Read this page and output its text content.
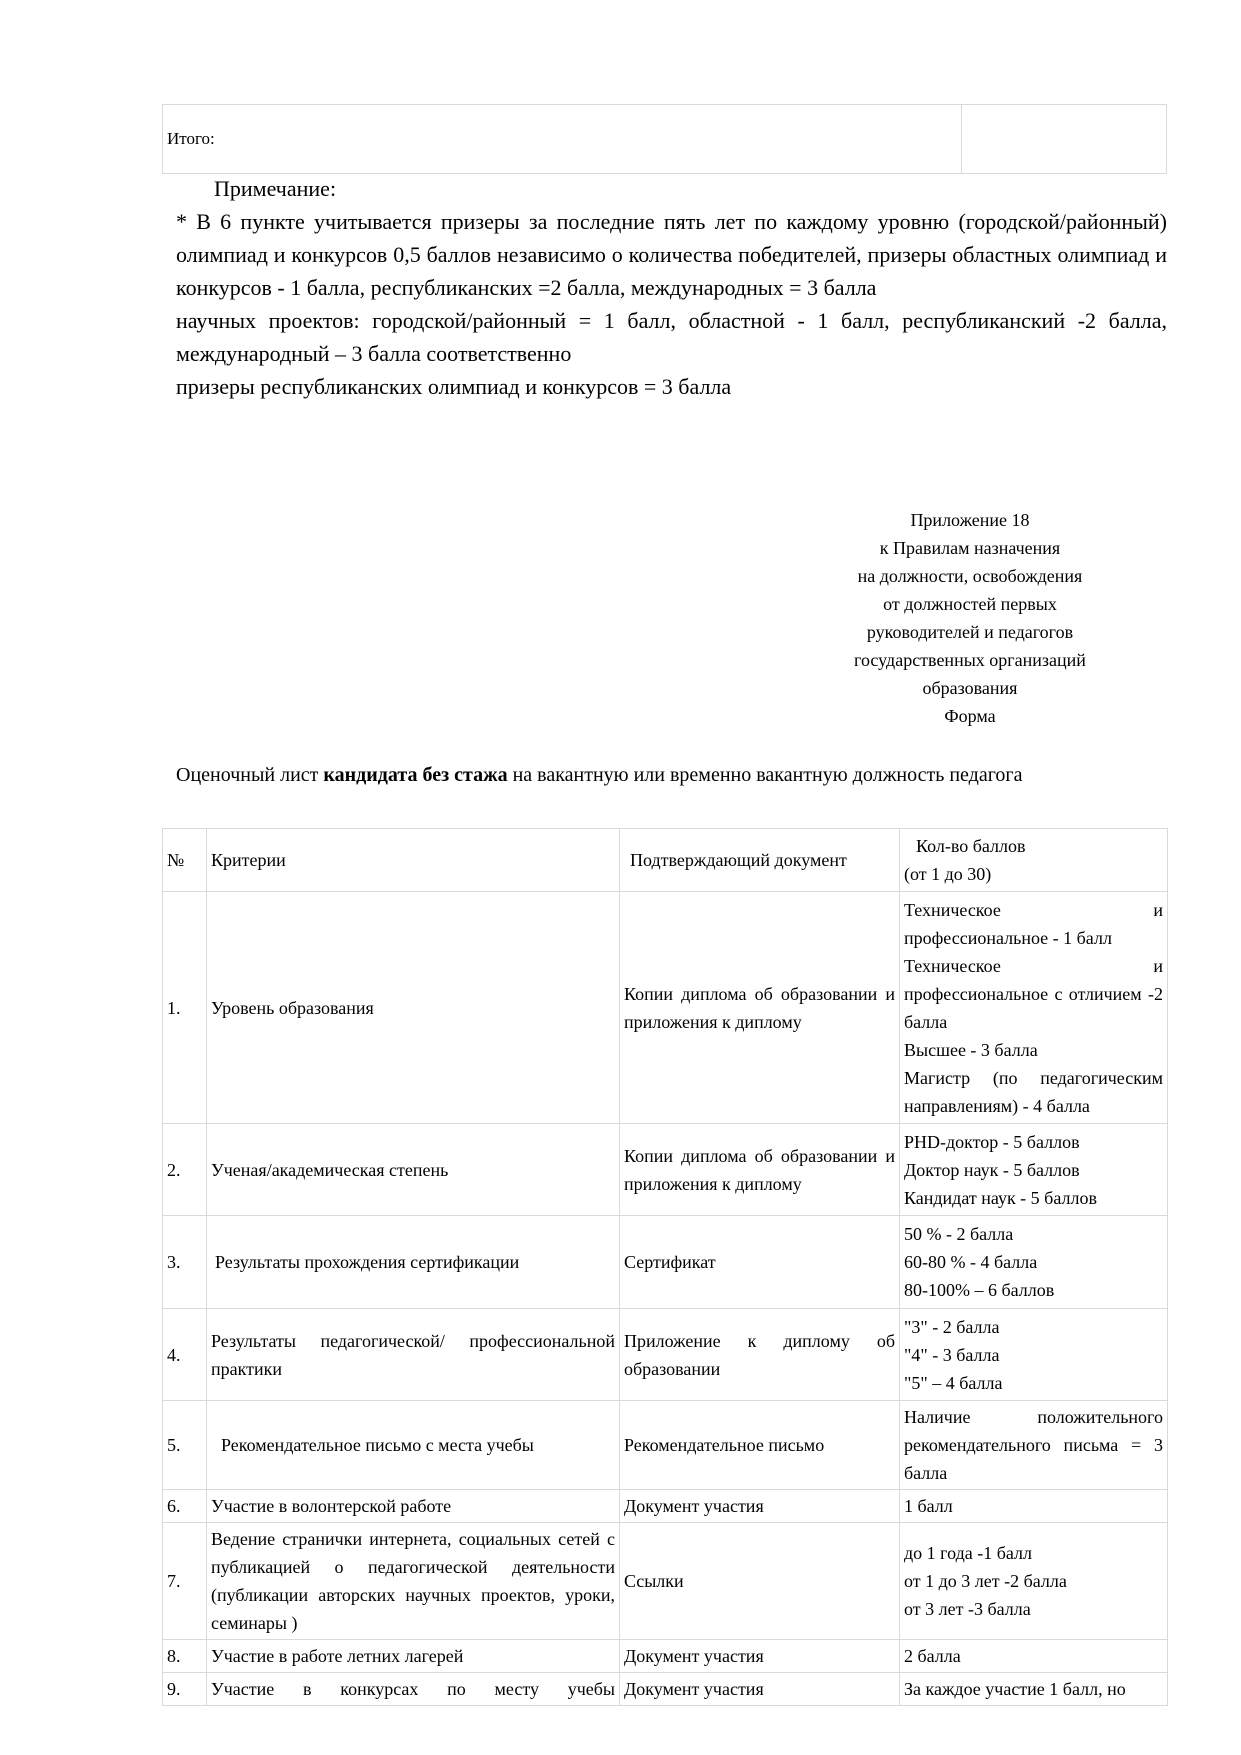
Итого:	

Примечание:

* В 6 пункте учитывается призеры за последние пять лет по каждому уровню (городской/районный) олимпиад и конкурсов 0,5 баллов независимо о количества победителей, призеры областных олимпиад и конкурсов - 1 балла, республиканских =2 балла, международных = 3 балла

научных проектов: городской/районный = 1 балл, областной - 1 балл, республиканский -2 балла, международный – 3 балла соответственно

призеры республиканских олимпиад и конкурсов = 3 балла

Приложение 18
к Правилам назначения
на должности, освобождения
от должностей первых
руководителей и педагогов
государственных организаций
образования
Форма
Оценочный лист кандидата без стажа на вакантную или временно вакантную должность педагога
№	Критерии	Подтверждающий документ	Кол-во баллов
(от 1 до 30)

1.	Уровень образования	Копии диплома об образовании и приложения к диплому	Техническое и профессиональное - 1 балл
Техническое и профессиональное с отличием -2 балла
Высшее - 3 балла
Магистр (по педагогическим направлениям) - 4 балла

2.	Ученая/академическая степень	Копии диплома об образовании и приложения к диплому	PHD-доктор - 5 баллов
Доктор наук - 5 баллов
Кандидат наук - 5 баллов

3.	Результаты прохождения сертификации	Сертификат	50 % - 2 балла
60-80 % - 4 балла
80-100% – 6 баллов

4.	Результаты педагогической/ профессиональной практики	Приложение к диплому об образовании	"3" - 2 балла
"4" - 3 балла
"5" – 4 балла

5.	Рекомендательное письмо с места учебы	Рекомендательное письмо	Наличие положительного рекомендательного письма = 3 балла

6.	Участие в волонтерской работе	Документ участия	1 балл

7.	Ведение странички интернета, социальных сетей с публикацией о педагогической деятельности (публикации авторских научных проектов, уроки, семинары )	Ссылки	до 1 года -1 балл
от 1 до 3 лет -2 балла
от 3 лет -3 балла

8.	Участие в работе летних лагерей	Документ участия	2 балла

9.	Участие в конкурсах по месту учебы	Документ участия	За каждое участие 1 балл, но
